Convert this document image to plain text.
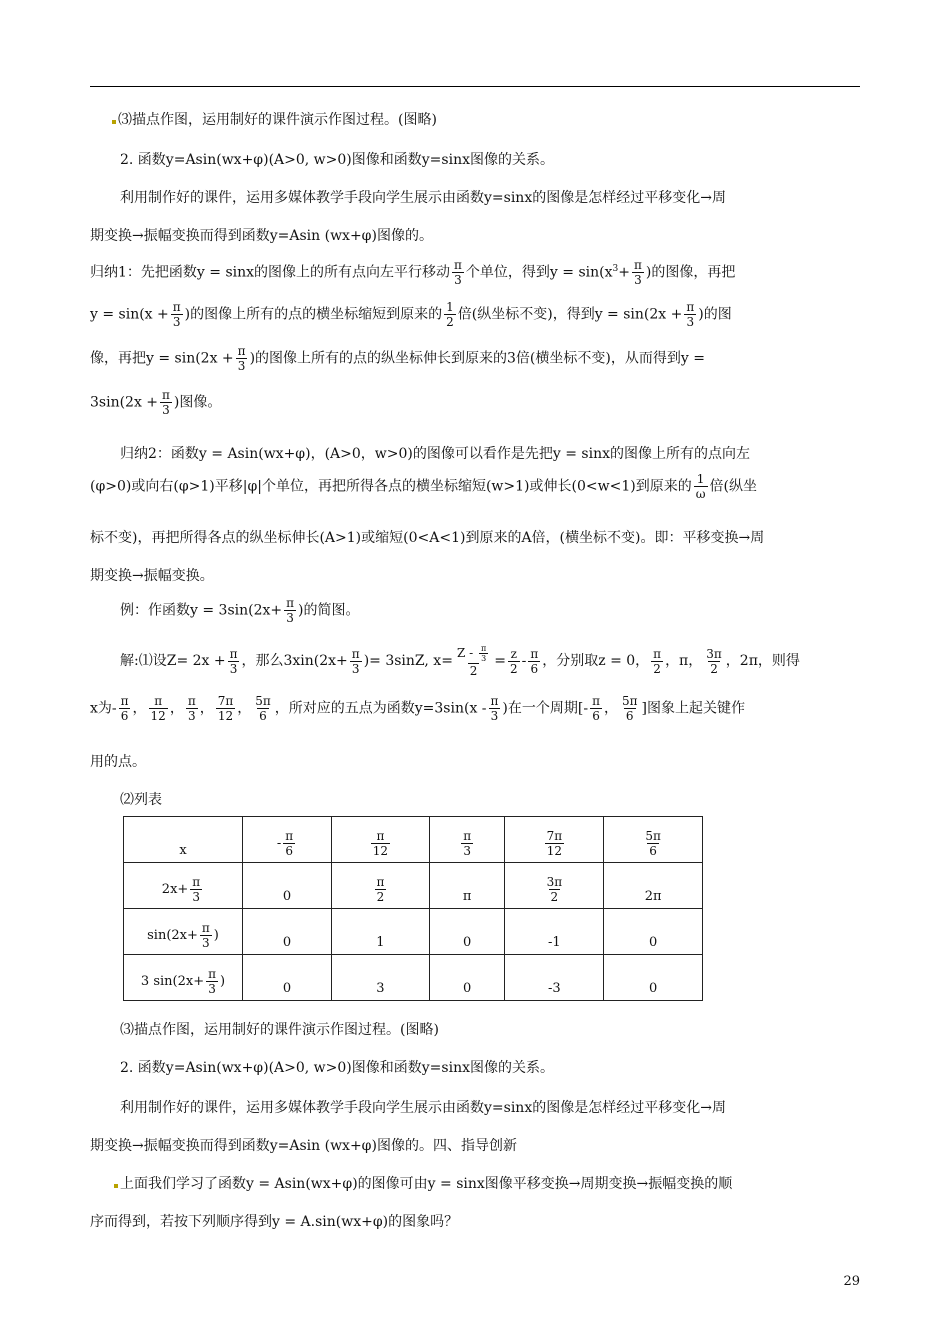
⑶描点作图，运用制好的课件演示作图过程。(图略)
2. 函数y=Asin(wx+φ)(A>0, w>0)图像和函数y=sinx图像的关系。
利用制作好的课件，运用多媒体教学手段向学生展示由函数y=sinx的图像是怎样经过平移变化→周
期变换→振幅变换而得到函数y=Asin (wx+φ)图像的。
归纳1：先把函数y = sinx的图像上的所有点向左平行移动 $\frac{\pi}{3}$ 个单位，得到$y = \sin(x^3+ \frac{\pi}{3}$ )的图像，再把
$y = \sin(x + \frac{\pi}{3}$ )的图像上所有的点的横坐标缩短到原来的 $\frac{1}{2}$ 倍(纵坐标不变)，得到$y = \sin(2x + \frac{\pi}{3}$ )的图
像，再把$y = \sin(2x + \frac{\pi}{3}$ )的图像上所有的点的纵坐标伸长到原来的3倍(横坐标不变)，从而得到y =
$3\sin(2x + \frac{\pi}{3}$ )图像。
归纳2：函数y = Asin(wx+φ)，(A>0，w>0)的图像可以看作是先把y = sinx的图像上所有的点向左
(φ>0)或向右(φ>1)平移|φ|个单位，再把所得各点的横坐标缩短(w>1)或伸长(0<w<1)到原来的 $\frac{1}{\omega}$ 倍(纵坐
标不变)，再把所得各点的纵坐标伸长(A>1)或缩短(0<A<1)到原来的A倍，(横坐标不变)。即：平移变换→周
期变换→振幅变换。
例：作函数$y = 3\sin(2x+ \frac{\pi}{3}$ )的简图。
解:⑴设$Z= 2x + \frac{\pi}{3}$ ，那么$3xin(2x+ \frac{\pi}{3}$ )= 3sinZ, $x= \frac{Z - \frac{\pi}{3}}{2} = \frac{z}{2} - \frac{\pi}{6}$ ，分别取z = 0， $\frac{\pi}{2}$ ，π， $\frac{3\pi}{2}$ ，2π，则得
x为- $\frac{\pi}{6}$ ， $\frac{\pi}{12}$ ， $\frac{\pi}{3}$ ， $\frac{7\pi}{12}$ ， $\frac{5\pi}{6}$ ，所对应的五点为函数$y=3\sin(x - \frac{\pi}{3}$ )在一个周期[- $\frac{\pi}{6}$ ， $\frac{5\pi}{6}$ ]图象上起关键作
用的点。
⑵列表
x	- $\frac{\pi}{6}$	$\frac{\pi}{12}$	$\frac{\pi}{3}$	$\frac{7\pi}{12}$	$\frac{5\pi}{6}$

$2x+ \frac{\pi}{3}$	0	$\frac{\pi}{2}$	π	$\frac{3\pi}{2}$	2π
$\sin(2x+ \frac{\pi}{3}$ )	0	1	0	-1	0
3 $\sin(2x+ \frac{\pi}{3}$ )	0	3	0	-3	0
⑶描点作图，运用制好的课件演示作图过程。(图略)
2. 函数y=Asin(wx+φ)(A>0, w>0)图像和函数y=sinx图像的关系。
利用制作好的课件，运用多媒体教学手段向学生展示由函数y=sinx的图像是怎样经过平移变化→周
期变换→振幅变换而得到函数y=Asin (wx+φ)图像的。四、指导创新
上面我们学习了函数y = Asin(wx+φ)的图像可由y = sinx图像平移变换→周期变换→振幅变换的顺
序而得到，若按下列顺序得到y = A.sin(wx+φ)的图象吗？
29
